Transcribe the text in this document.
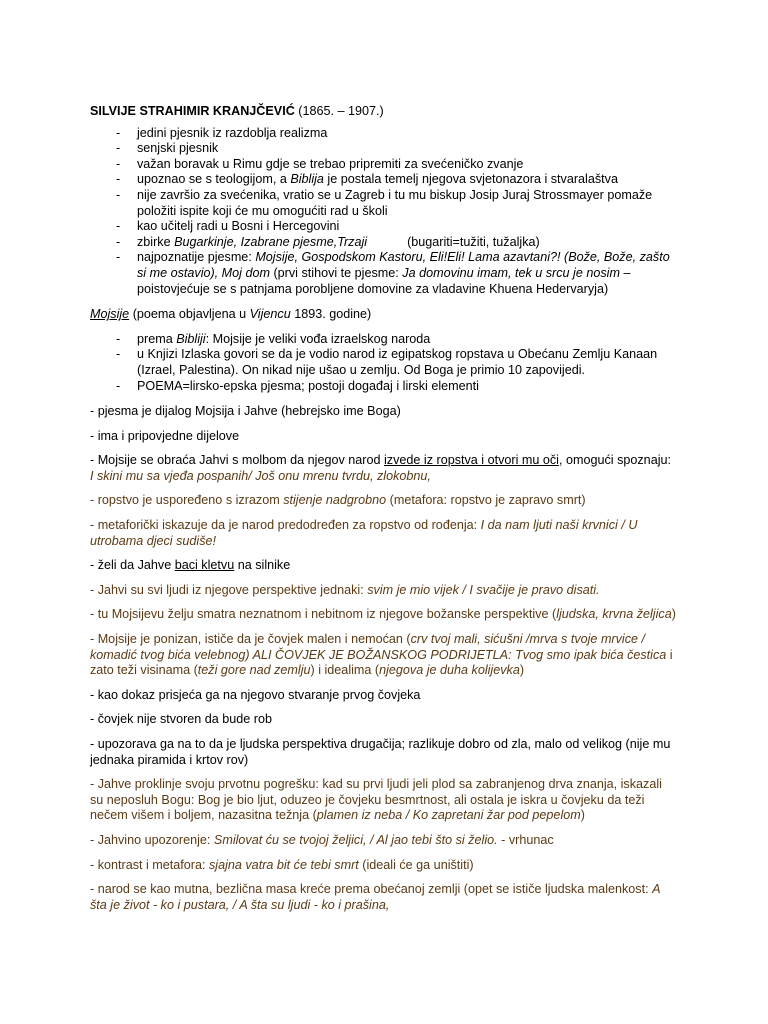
SILVIJE STRAHIMIR KRANJČEVIĆ (1865. – 1907.)
- jedini pjesnik iz razdoblja realizma
- senjski pjesnik
- važan boravak u Rimu gdje se trebao pripremiti za svećeničko zvanje
- upoznao se s teologijom, a Biblija je postala temelj njegova svjetonazora i stvaralaštva
- nije završio za svećenika, vratio se u Zagreb i tu mu biskup Josip Juraj Strossmayer pomaže položiti ispite koji će mu omogućiti rad u školi
- kao učitelj radi u Bosni i Hercegovini
- zbirke Bugarkinje, Izabrane pjesme,Trzaji	(bugariti=tužiti, tužaljka)
- najpoznatije pjesme: Mojsije, Gospodskom Kastoru, Eli!Eli! Lama azavtani?! (Bože, Bože, zašto si me ostavio), Moj dom (prvi stihovi te pjesme: Ja domovinu imam, tek u srcu je nosim – poistovjećuje se s patnjama porobljene domovine za vladavine Khuena Hedervaryja)

Mojsije (poema objavljena u Vijencu 1893. godine)

- prema Bibliji: Mojsije je veliki vođa izraelskog naroda
- u Knjizi Izlaska govori se da je vodio narod iz egipatskog ropstava u Obećanu Zemlju Kanaan (Izrael, Palestina). On nikad nije ušao u zemlju. Od Boga je primio 10 zapovijedi.
- POEMA=lirsko-epska pjesma; postoji događaj i lirski elementi

- pjesma je dijalog Mojsija i Jahve (hebrejsko ime Boga)

- ima i pripovjedne dijelove

- Mojsije se obraća Jahvi s molbom da njegov narod izvede iz ropstva i otvori mu oči, omogući spoznaju: I skini mu sa vjeđa pospanih/ Još onu mrenu tvrdu, zlokobnu,

- ropstvo je uspoređeno s izrazom stijenje nadgrobno (metafora: ropstvo je zapravo smrt)

- metaforički iskazuje da je narod predodređen za ropstvo od rođenja: I da nam ljuti naši krvnici / U utrobama djeci sudiše!

- želi da Jahve baci kletvu na silnike

- Jahvi su svi ljudi iz njegove perspektive jednaki: svim je mio vijek / I svačije je pravo disati.

- tu Mojsijevu želju smatra neznatnom i nebitnom iz njegove božanske perspektive (ljudska, krvna željica)

- Mojsije je ponizan, ističe da je čovjek malen i nemoćan (crv tvoj mali, sićušni /mrva s tvoje mrvice / komadić tvog bića velebnog) ALI ČOVJEK JE BOŽANSKOG PODRIJETLA: Tvog smo ipak bića čestica i zato teži visinama (teži gore nad zemlju) i idealima (njegova je duha kolijevka)

- kao dokaz prisjeća ga na njegovo stvaranje prvog čovjeka

- čovjek nije stvoren da bude rob

- upozorava ga na to da je ljudska perspektiva drugačija; razlikuje dobro od zla, malo od velikog (nije mu jednaka piramida i krtov rov)

- Jahve proklinje svoju prvotnu pogrešku: kad su prvi ljudi jeli plod sa zabranjenog drva znanja, iskazali su neposluh Bogu: Bog je bio ljut, oduzeo je čovjeku besmrtnost, ali ostala je iskra u čovjeku da teži nečem višem i boljem, nazasitna težnja (plamen iz neba / Ko zapretani žar pod pepelom)

- Jahvino upozorenje: Smilovat ću se tvojoj željici, / Al jao tebi što si želio. - vrhunac

- kontrast i metafora: sjajna vatra bit će tebi smrt (ideali će ga uništiti)

- narod se kao mutna, bezlična masa kreće prema obećanoj zemlji (opet se ističe ljudska malenkost: A šta je život - ko i pustara, / A šta su ljudi - ko i prašina,
